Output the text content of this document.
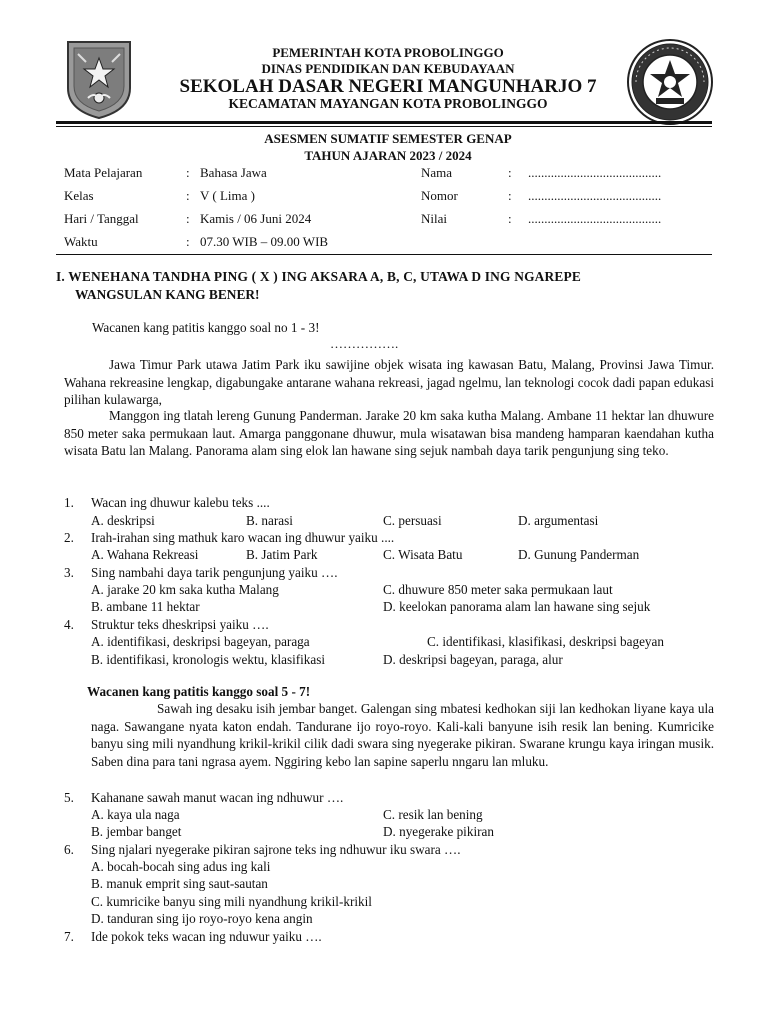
PEMERINTAH KOTA PROBOLINGGO
DINAS PENDIDIKAN DAN KEBUDAYAAN
SEKOLAH DASAR NEGERI MANGUNHARJO 7
KECAMATAN MAYANGAN KOTA PROBOLINGGO
ASESMEN SUMATIF SEMESTER GENAP
TAHUN AJARAN 2023 / 2024
Mata Pelajaran	: Bahasa Jawa
Kelas	: V ( Lima )
Hari / Tanggal	: Kamis / 06 Juni 2024
Waktu	: 07.30 WIB – 09.00 WIB
Nama	: .........................................
Nomor	: .........................................
Nilai	: .........................................
I. WENEHANA TANDHA PING ( X ) ING AKSARA A, B, C, UTAWA D ING NGAREPE
WANGSULAN KANG BENER!
Wacanen kang patitis kanggo soal no 1 - 3!
…………….
Jawa Timur Park utawa Jatim Park iku sawijine objek wisata ing kawasan Batu, Malang, Provinsi Jawa Timur. Wahana rekreasine lengkap, digabungake antarane wahana rekreasi, jagad ngelmu, lan teknologi cocok dadi papan edukasi pilihan kulawarga,
Manggon ing tlatah lereng Gunung Panderman. Jarake 20 km saka kutha Malang. Ambane 11 hektar lan dhuwure 850 meter saka permukaan laut. Amarga panggonane dhuwur, mula wisatawan bisa mandeng hamparan kaendahan kutha wisata Batu lan Malang. Panorama alam sing elok lan hawane sing sejuk nambah daya tarik pengunjung sing teko.
1. Wacan ing dhuwur kalebu teks ....
A. deskripsi	B. narasi	C. persuasi	D. argumentasi
2. Irah-irahan sing mathuk karo wacan ing dhuwur yaiku ....
A. Wahana Rekreasi	B. Jatim Park	C. Wisata Batu	D. Gunung Panderman
3. Sing nambahi daya tarik pengunjung yaiku ….
A. jarake 20 km saka kutha Malang	C. dhuwure 850 meter saka permukaan laut
B. ambane 11 hektar	D. keelokan panorama alam lan hawane sing sejuk
4. Struktur teks dheskripsi yaiku ….
A. identifikasi, deskripsi bageyan, paraga	C. identifikasi, klasifikasi, deskripsi bageyan
B. identifikasi, kronologis wektu, klasifikasi	D. deskripsi bageyan, paraga, alur
Wacanen kang patitis kanggo soal 5 - 7!
Sawah ing desaku isih jembar banget. Galengan sing mbatesi kedhokan siji lan kedhokan liyane kaya ula naga. Sawangane nyata katon endah. Tandurane ijo royo-royo. Kali-kali banyune isih resik lan bening. Kumricike banyu sing mili nyandhung krikil-krikil cilik dadi swara sing nyegerake pikiran. Swarane krungu kaya iringan musik. Saben dina para tani ngrasa ayem. Nggiring kebo lan sapine saperlu nngaru lan mluku.
5. Kahanane sawah manut wacan ing ndhuwur ….
A. kaya ula naga	C. resik lan bening
B. jembar banget	D. nyegerake pikiran
6. Sing njalari nyegerake pikiran sajrone teks ing ndhuwur iku swara ….
A. bocah-bocah sing adus ing kali
B. manuk emprit sing saut-sautan
C. kumricike banyu sing mili nyandhung krikil-krikil
D. tanduran sing ijo royo-royo kena angin
7. Ide pokok teks wacan ing nduwur yaiku ….
